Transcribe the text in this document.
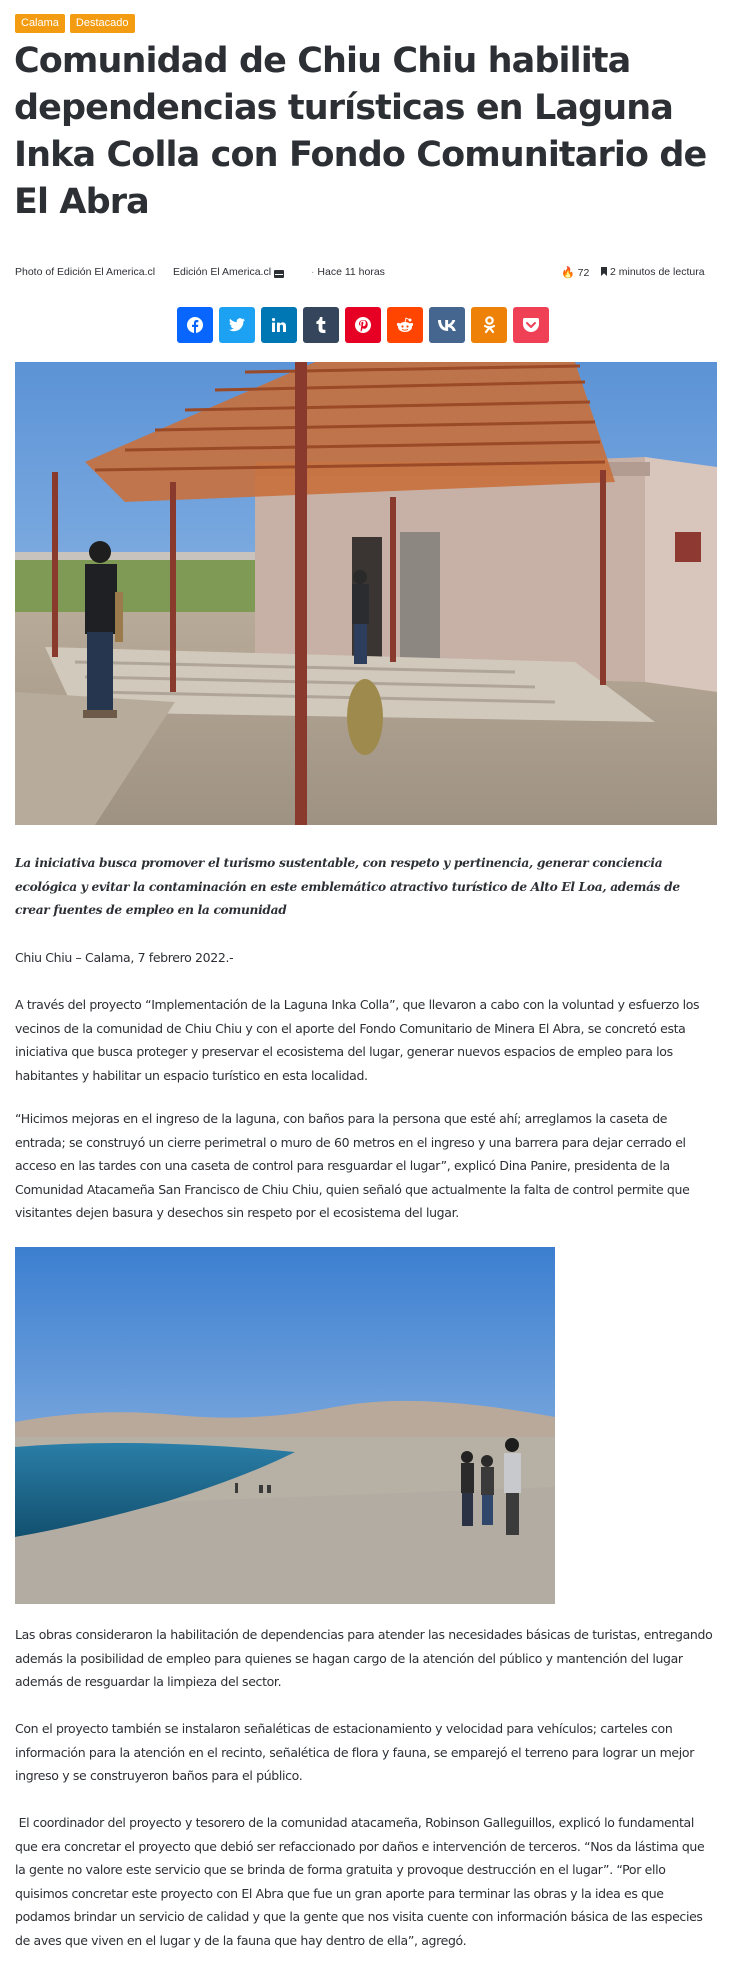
Calama	Destacado
Comunidad de Chiu Chiu habilita dependencias turísticas en Laguna Inka Colla con Fondo Comunitario de El Abra
Photo of Edición El America.cl Edición El America.cl	· Hace 11 horas	🔥 72	2 minutos de lectura

La iniciativa busca promover el turismo sustentable, con respeto y pertinencia, generar conciencia ecológica y evitar la contaminación en este emblemático atractivo turístico de Alto El Loa, además de crear fuentes de empleo en la comunidad

Chiu Chiu – Calama, 7 febrero 2022.-

A través del proyecto “Implementación de la Laguna Inka Colla”, que llevaron a cabo con la voluntad y esfuerzo los vecinos de la comunidad de Chiu Chiu y con el aporte del Fondo Comunitario de Minera El Abra, se concretó esta iniciativa que busca proteger y preservar el ecosistema del lugar, generar nuevos espacios de empleo para los habitantes y habilitar un espacio turístico en esta localidad.

“Hicimos mejoras en el ingreso de la laguna, con baños para la persona que esté ahí; arreglamos la caseta de entrada; se construyó un cierre perimetral o muro de 60 metros en el ingreso y una barrera para dejar cerrado el acceso en las tardes con una caseta de control para resguardar el lugar”, explicó Dina Panire, presidenta de la Comunidad Atacameña San Francisco de Chiu Chiu, quien señaló que actualmente la falta de control permite que visitantes dejen basura y desechos sin respeto por el ecosistema del lugar.

Las obras consideraron la habilitación de dependencias para atender las necesidades básicas de turistas, entregando además la posibilidad de empleo para quienes se hagan cargo de la atención del público y mantención del lugar además de resguardar la limpieza del sector.

Con el proyecto también se instalaron señaléticas de estacionamiento y velocidad para vehículos; carteles con información para la atención en el recinto, señalética de flora y fauna, se emparejó el terreno para lograr un mejor ingreso y se construyeron baños para el público.

El coordinador del proyecto y tesorero de la comunidad atacameña, Robinson Galleguillos, explicó lo fundamental que era concretar el proyecto que debió ser refaccionado por daños e intervención de terceros. “Nos da lástima que la gente no valore este servicio que se brinda de forma gratuita y provoque destrucción en el lugar”. “Por ello quisimos concretar este proyecto con El Abra que fue un gran aporte para terminar las obras y la idea es que podamos brindar un servicio de calidad y que la gente que nos visita cuente con información básica de las especies de aves que viven en el lugar y de la fauna que hay dentro de ella”, agregó.
